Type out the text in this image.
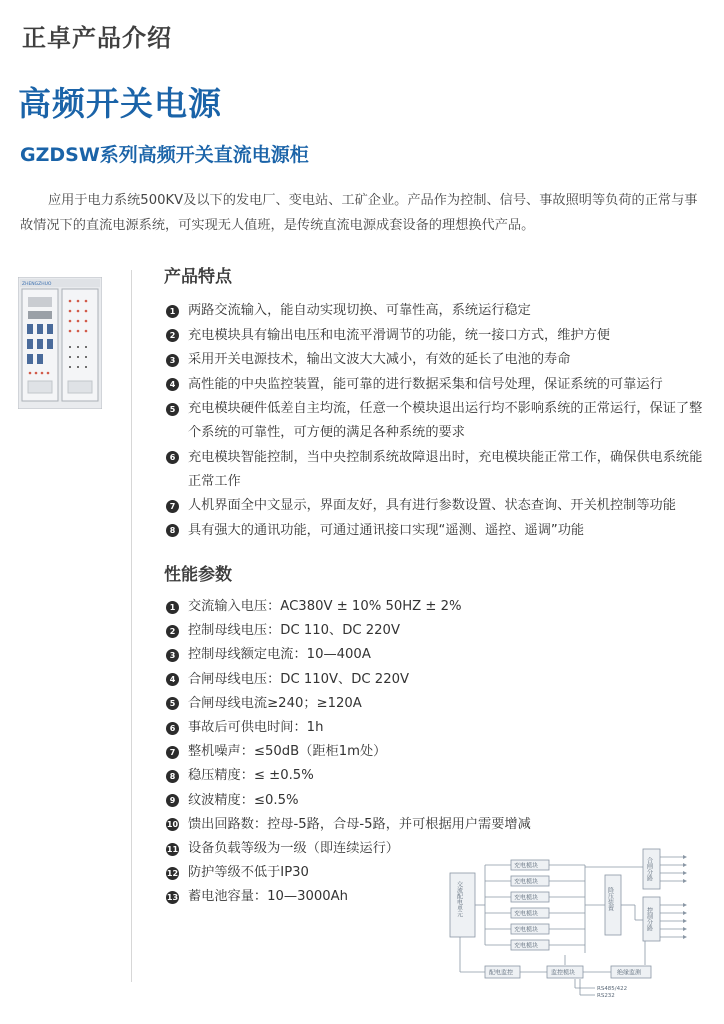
正卓产品介绍
高频开关电源
GZDSW系列高频开关直流电源柜

应用于电力系统500KV及以下的发电厂、变电站、工矿企业。产品作为控制、信号、事故照明等负荷的正常与事故情况下的直流电源系统，可实现无人值班，是传统直流电源成套设备的理想换代产品。

ZHENGZHUO	产品特点
1 两路交流输入，能自动实现切换、可靠性高，系统运行稳定
2 充电模块具有输出电压和电流平滑调节的功能，统一接口方式，维护方便
3 采用开关电源技术，输出文波大大减小，有效的延长了电池的寿命
4 高性能的中央监控装置，能可靠的进行数据采集和信号处理，保证系统的可靠运行
5 充电模块硬件低差自主均流，任意一个模块退出运行均不影响系统的正常运行，保证了整个系统的可靠性，可方便的满足各种系统的要求
6 充电模块智能控制，当中央控制系统故障退出时，充电模块能正常工作，确保供电系统能正常工作
7 人机界面全中文显示，界面友好，具有进行参数设置、状态查询、开关机控制等功能
8 具有强大的通讯功能，可通过通讯接口实现“遥测、遥控、遥调”功能
性能参数
1 交流输入电压：AC380V ± 10% 50HZ ± 2%
2 控制母线电压：DC 110、DC 220V
3 控制母线额定电流：10—400A
4 合闸母线电压：DC 110V、DC 220V
5 合闸母线电流≥240；≥120A
6 事故后可供电时间：1h
7 整机噪声：≤50dB（距柜1m处）
8 稳压精度：≤ ±0.5%
9 纹波精度：≤0.5%
10 馈出回路数：控母-5路，合母-5路，并可根据用户需要增减
11 设备负载等级为一级（即连续运行）
12 防护等级不低于IP30
13 蓄电池容量：10—3000Ah	交流配电单元
充电模块
充电模块
充电模块
充电模块
充电模块
充电模块
降压装置
合闸分路
控制分路
配电监控	监控模块	绝缘监测
RS485/422
RS232
